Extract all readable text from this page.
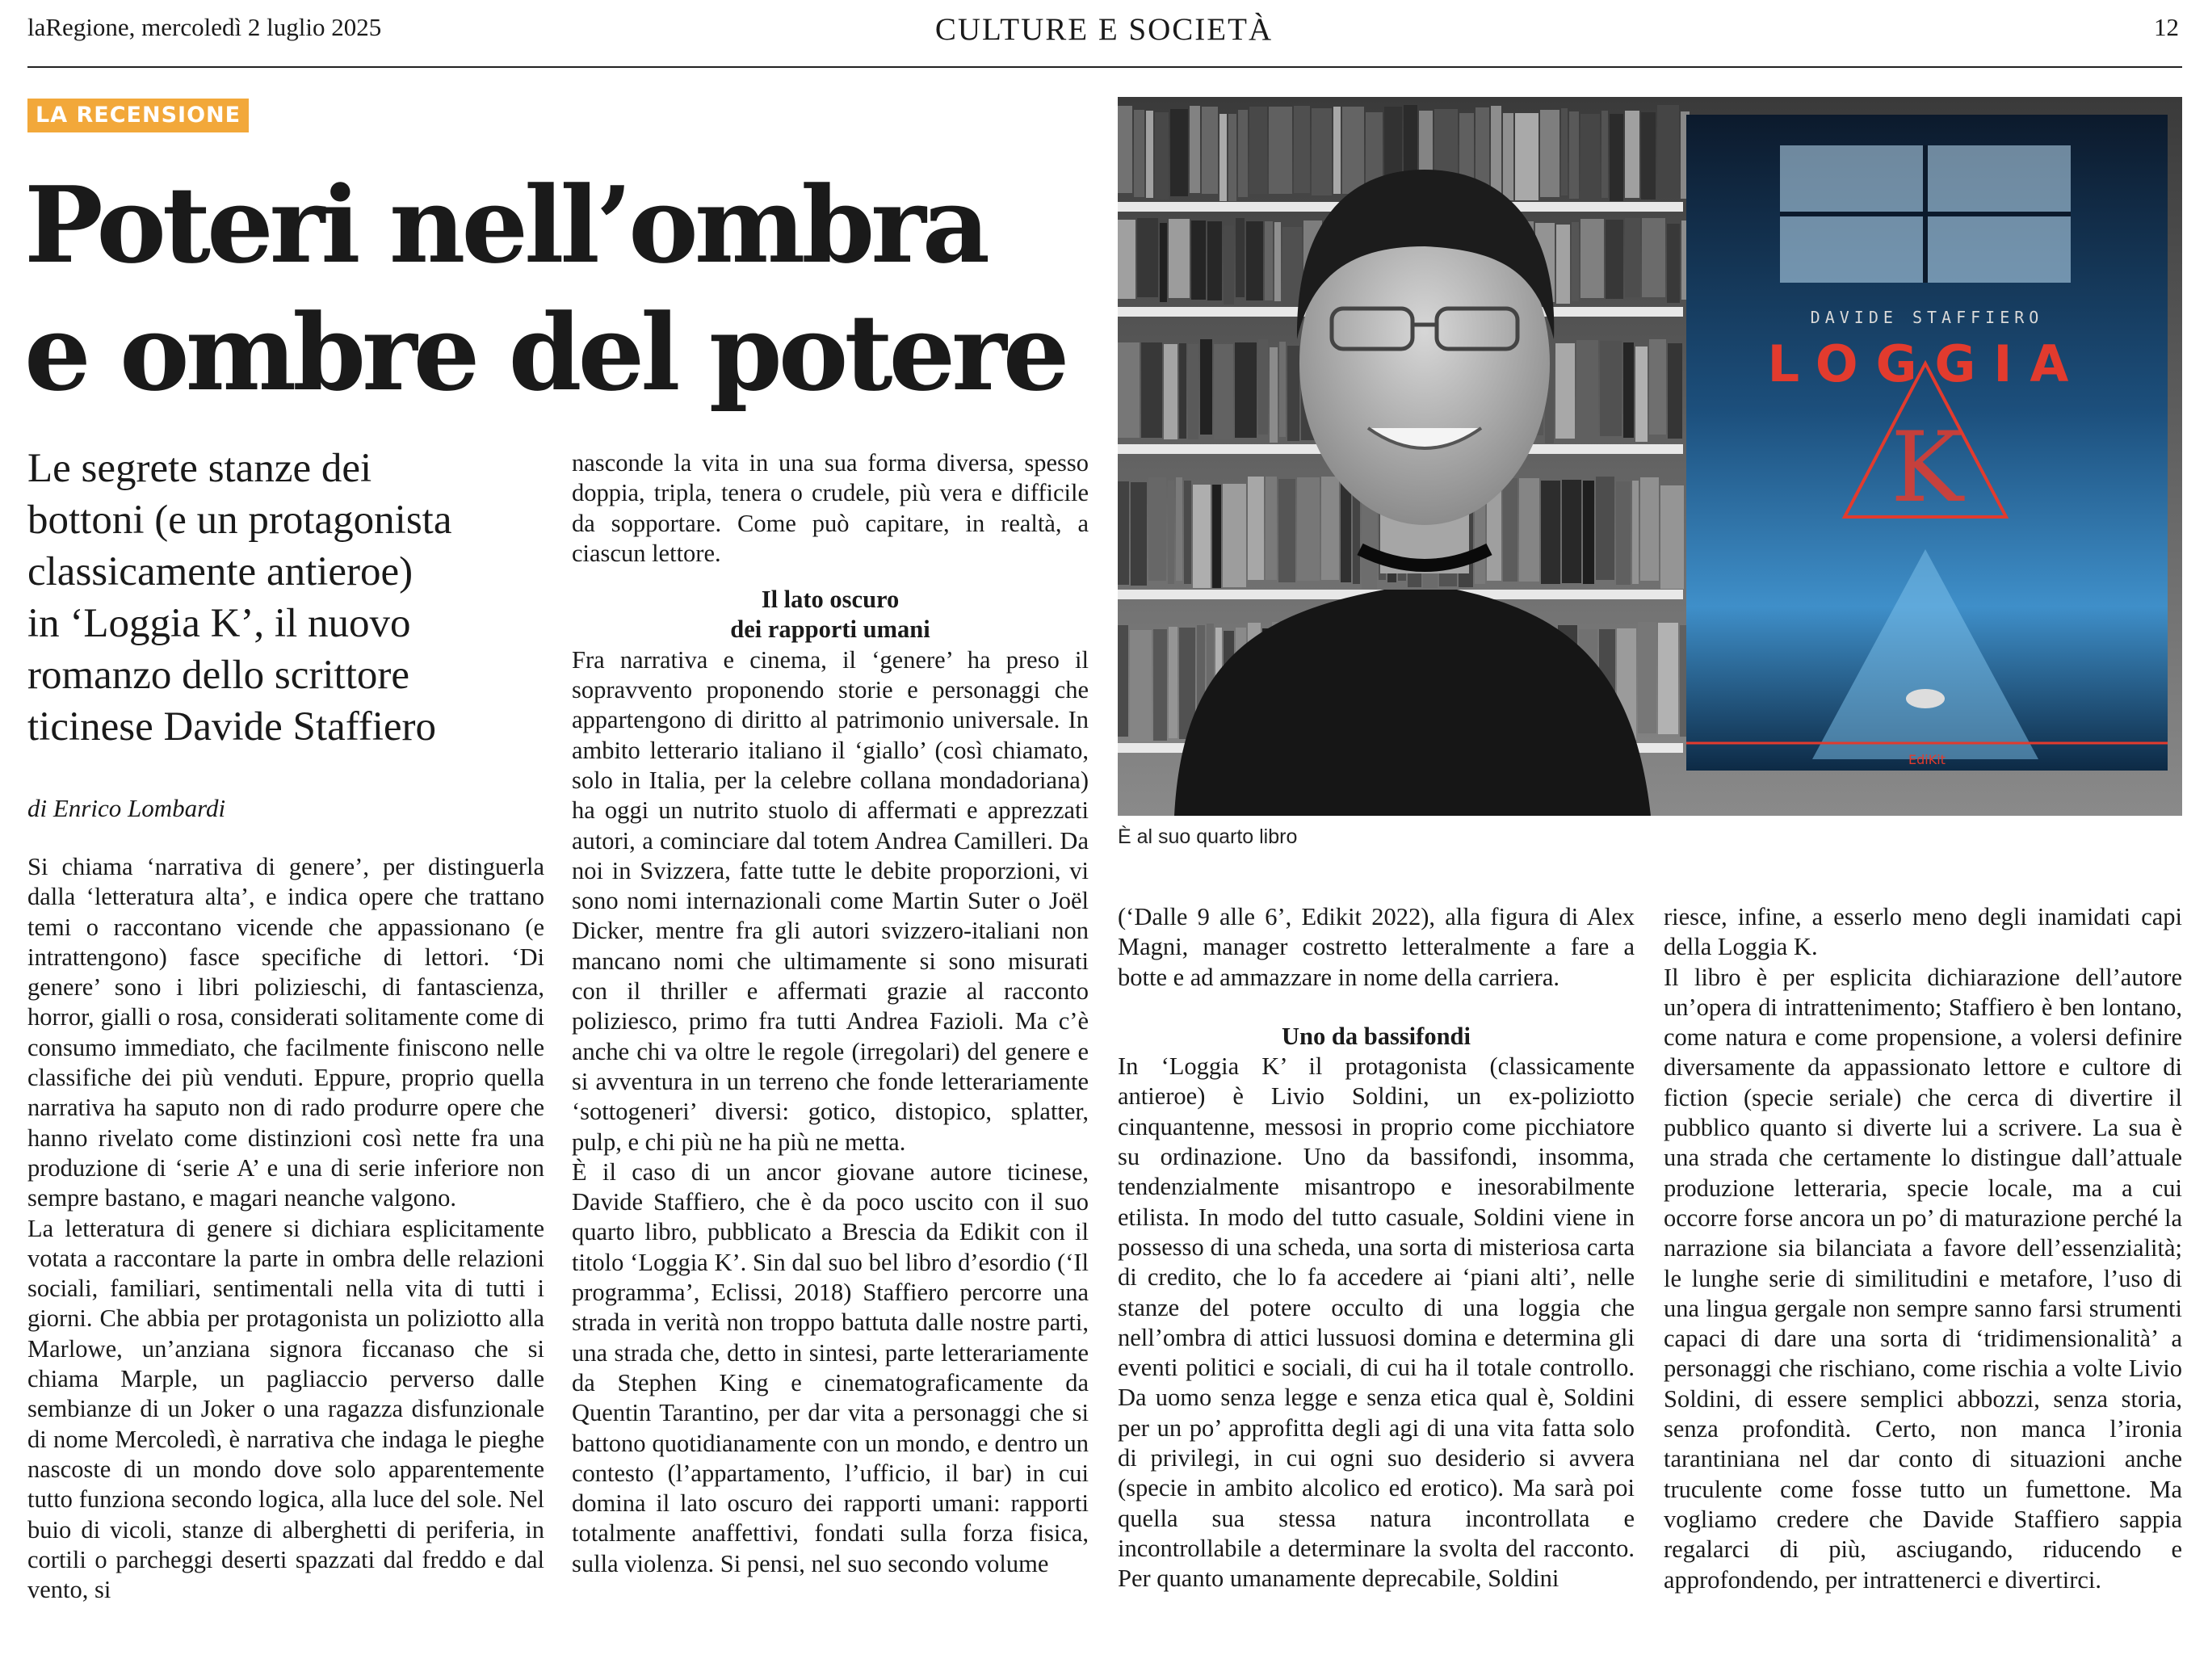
laRegione, mercoledì 2 luglio 2025	CULTURE E SOCIETÀ	12
LA RECENSIONE
Poteri nell’ombra
e ombre del potere
Le segrete stanze dei
bottoni (e un protagonista
classicamente antieroe)
in ‘Loggia K’, il nuovo
romanzo dello scrittore
ticinese Davide Staffiero
di Enrico Lombardi

Si chiama ‘narrativa di genere’, per distinguerla dalla ‘letteratura alta’, e indica opere che trattano temi o raccontano vicende che appassionano (e intrattengono) fasce specifiche di lettori. ‘Di genere’ sono i libri polizieschi, di fantascienza, horror, gialli o rosa, considerati solitamente come di consumo immediato, che facilmente finiscono nelle classifiche dei più venduti. Eppure, proprio quella narrativa ha saputo non di rado produrre opere che hanno rivelato come distinzioni così nette fra una produzione di ‘serie A’ e una di serie inferiore non sempre bastano, e magari neanche valgono.

La letteratura di genere si dichiara esplicitamente votata a raccontare la parte in ombra delle relazioni sociali, familiari, sentimentali nella vita di tutti i giorni. Che abbia per protagonista un poliziotto alla Marlowe, un’anziana signora ficcanaso che si chiama Marple, un pagliaccio perverso dalle sembianze di un Joker o una ragazza disfunzionale di nome Mercoledì, è narrativa che indaga le pieghe nascoste di un mondo dove solo apparentemente tutto funziona secondo logica, alla luce del sole. Nel buio di vicoli, stanze di alberghetti di periferia, in cortili o parcheggi deserti spazzati dal freddo e dal vento, si

nasconde la vita in una sua forma diversa, spesso doppia, tripla, tenera o crudele, più vera e difficile da sopportare. Come può capitare, in realtà, a ciascun lettore.

Il lato oscuro
dei rapporti umani

Fra narrativa e cinema, il ‘genere’ ha preso il sopravvento proponendo storie e personaggi che appartengono di diritto al patrimonio universale. In ambito letterario italiano il ‘giallo’ (così chiamato, solo in Italia, per la celebre collana mondadoriana) ha oggi un nutrito stuolo di affermati e apprezzati autori, a cominciare dal totem Andrea Camilleri. Da noi in Svizzera, fatte tutte le debite proporzioni, vi sono nomi internazionali come Martin Suter o Joël Dicker, mentre fra gli autori svizzero-italiani non mancano nomi che ultimamente si sono misurati con il thriller e affermati grazie al racconto poliziesco, primo fra tutti Andrea Fazioli. Ma c’è anche chi va oltre le regole (irregolari) del genere e si avventura in un terreno che fonde letterariamente ‘sottogeneri’ diversi: gotico, distopico, splatter, pulp, e chi più ne ha più ne metta.

È il caso di un ancor giovane autore ticinese, Davide Staffiero, che è da poco uscito con il suo quarto libro, pubblicato a Brescia da Edikit con il titolo ‘Loggia K’. Sin dal suo bel libro d’esordio (‘Il programma’, Eclissi, 2018) Staffiero percorre una strada in verità non troppo battuta dalle nostre parti, una strada che, detto in sintesi, parte letterariamente da Stephen King e cinematograficamente da Quentin Tarantino, per dar vita a personaggi che si battono quotidianamente con un mondo, e dentro un contesto (l’appartamento, l’ufficio, il bar) in cui domina il lato oscuro dei rapporti umani: rapporti totalmente anaffettivi, fondati sulla forza fisica, sulla violenza. Si pensi, nel suo secondo volume

(‘Dalle 9 alle 6’, Edikit 2022), alla figura di Alex Magni, manager costretto letteralmente a fare a botte e ad ammazzare in nome della carriera.

Uno da bassifondi

In ‘Loggia K’ il protagonista (classicamente antieroe) è Livio Soldini, un ex-poliziotto cinquantenne, messosi in proprio come picchiatore su ordinazione. Uno da bassifondi, insomma, tendenzialmente misantropo e inesorabilmente etilista. In modo del tutto casuale, Soldini viene in possesso di una scheda, una sorta di misteriosa carta di credito, che lo fa accedere ai ‘piani alti’, nelle stanze del potere occulto di una loggia che nell’ombra di attici lussuosi domina e determina gli eventi politici e sociali, di cui ha il totale controllo. Da uomo senza legge e senza etica qual è, Soldini per un po’ approfitta degli agi di una vita fatta solo di privilegi, in cui ogni suo desiderio si avvera (specie in ambito alcolico ed erotico). Ma sarà poi quella sua stessa natura incontrollata e incontrollabile a determinare la svolta del racconto. Per quanto umanamente deprecabile, Soldini

riesce, infine, a esserlo meno degli inamidati capi della Loggia K.

Il libro è per esplicita dichiarazione dell’autore un’opera di intrattenimento; Staffiero è ben lontano, come natura e come propensione, a volersi definire diversamente da appassionato lettore e cultore di fiction (specie seriale) che cerca di divertire il pubblico quanto si diverte lui a scrivere. La sua è una strada che certamente lo distingue dall’attuale produzione letteraria, specie locale, ma a cui occorre forse ancora un po’ di maturazione perché la narrazione sia bilanciata a favore dell’essenzialità; le lunghe serie di similitudini e metafore, l’uso di una lingua gergale non sempre sanno farsi strumenti capaci di dare una sorta di ‘tridimensionalità’ a personaggi che rischiano, come rischia a volte Livio Soldini, di essere semplici abbozzi, senza storia, senza profondità. Certo, non manca l’ironia tarantiniana nel dar conto di situazioni anche truculente come fosse tutto un fumettone. Ma vogliamo credere che Davide Staffiero sappia regalarci di più, asciugando, riducendo e approfondendo, per intrattenerci e divertirci.

DAVIDE STAFFIERO
LOGGIA
K
EdiKit
È al suo quarto libro
